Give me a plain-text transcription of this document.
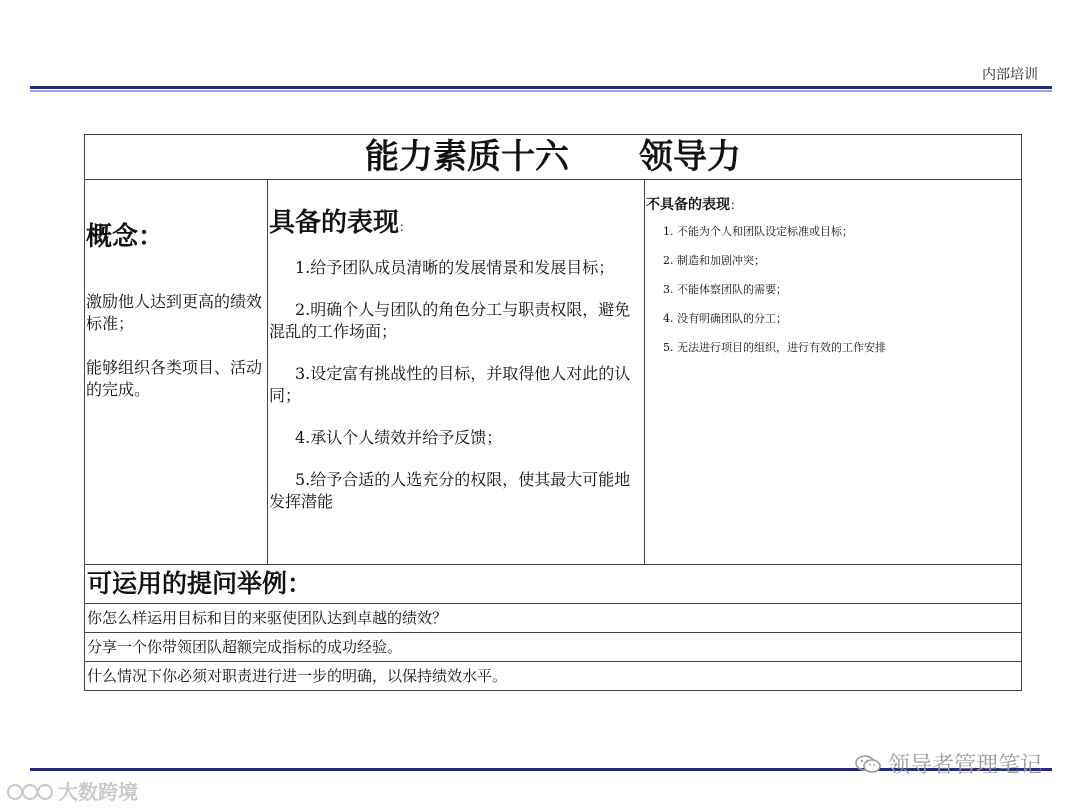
内部培训
能力素质十六 领导力

概念：
激励他人达到更高的绩效标准；
能够组织各类项目、活动的完成。

具备的表现：
1.给予团队成员清晰的发展情景和发展目标；
2.明确个人与团队的角色分工与职责权限，避免混乱的工作场面；
3.设定富有挑战性的目标，并取得他人对此的认同；
4.承认个人绩效并给予反馈；
5.给予合适的人选充分的权限，使其最大可能地发挥潜能

不具备的表现：
1. 不能为个人和团队设定标准或目标；
2. 制造和加剧冲突；
3. 不能体察团队的需要；
4. 没有明确团队的分工；
5. 无法进行项目的组织，进行有效的工作安排

可运用的提问举例：
你怎么样运用目标和目的来驱使团队达到卓越的绩效？
分享一个你带领团队超额完成指标的成功经验。
什么情况下你必须对职责进行进一步的明确，以保持绩效水平。
领导者管理笔记
大数跨境
